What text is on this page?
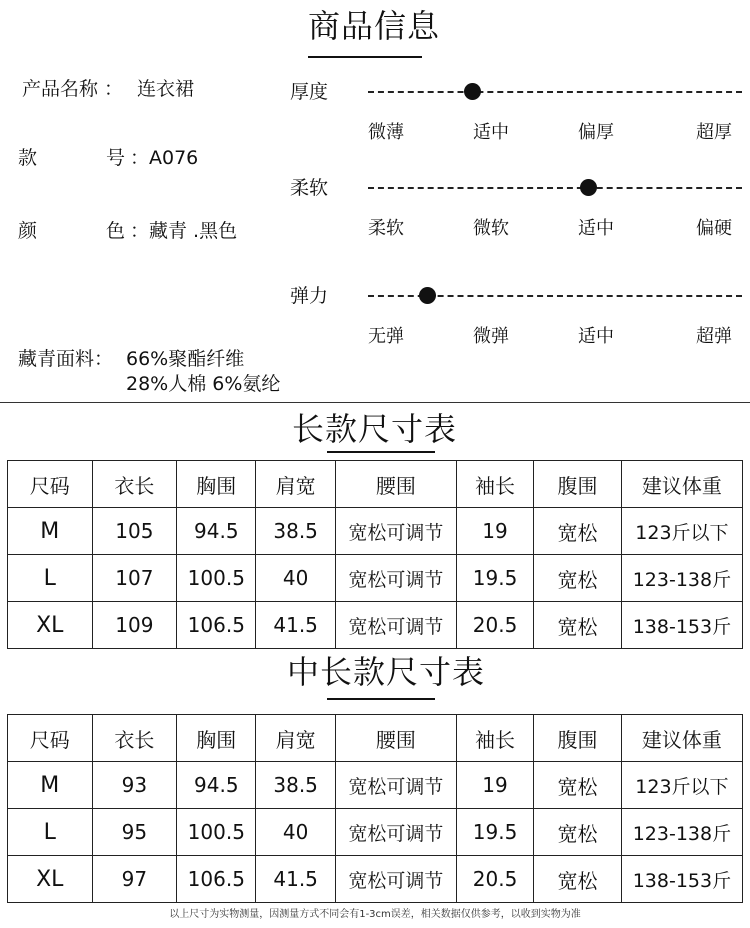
商品信息
产品名称 ： 连衣裙
款	号 ：A076
颜	色 ：藏青 .黑色
藏青面料： 66%聚酯纤维
28%人棉 6%氨纶
厚度
微薄	适中	偏厚	超厚
柔软
柔软	微软	适中	偏硬
弹力
无弹	微弹	适中	超弹
长款尺寸表
尺码	衣长	胸围	肩宽	腰围	袖长	腹围	建议体重
M	105	94.5	38.5	宽松可调节	19	宽松	123斤以下
L	107	100.5	40	宽松可调节	19.5	宽松	123-138斤
XL	109	106.5	41.5	宽松可调节	20.5	宽松	138-153斤
中长款尺寸表
尺码	衣长	胸围	肩宽	腰围	袖长	腹围	建议体重
M	93	94.5	38.5	宽松可调节	19	宽松	123斤以下
L	95	100.5	40	宽松可调节	19.5	宽松	123-138斤
XL	97	106.5	41.5	宽松可调节	20.5	宽松	138-153斤
以上尺寸为实物测量，因测量方式不同会有1-3cm误差，相关数据仅供参考，以收到实物为准
